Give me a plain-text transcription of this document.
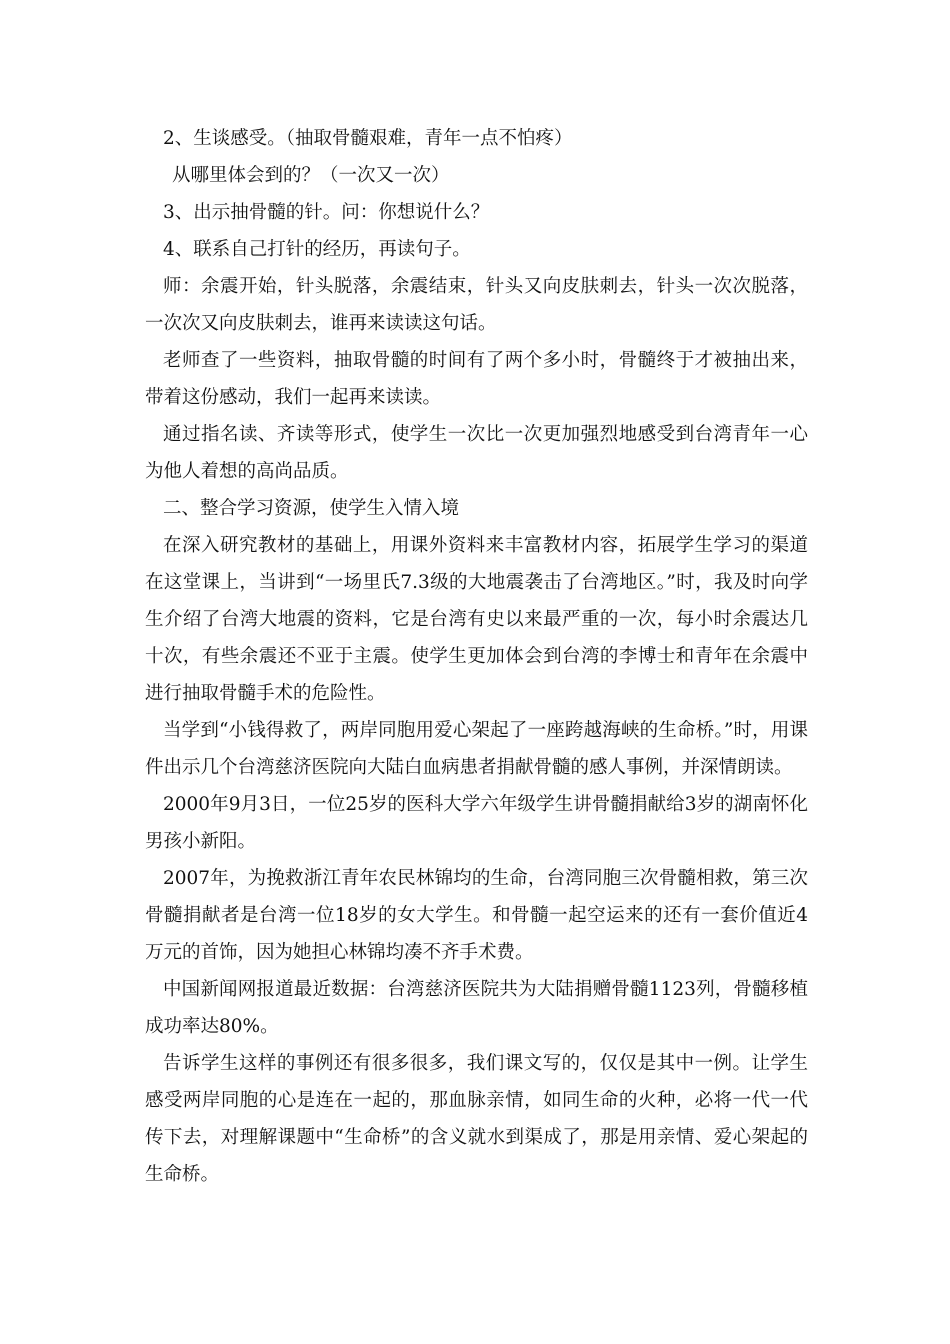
2、生谈感受。（抽取骨髓艰难，青年一点不怕疼）

从哪里体会到的？（一次又一次）

3、出示抽骨髓的针。问：你想说什么？

4、联系自己打针的经历，再读句子。

师：余震开始，针头脱落，余震结束，针头又向皮肤刺去，针头一次次脱落，一次次又向皮肤刺去，谁再来读读这句话。

老师查了一些资料，抽取骨髓的时间有了两个多小时，骨髓终于才被抽出来，带着这份感动，我们一起再来读读。

通过指名读、齐读等形式，使学生一次比一次更加强烈地感受到台湾青年一心为他人着想的高尚品质。

二、整合学习资源，使学生入情入境

在深入研究教材的基础上，用课外资料来丰富教材内容，拓展学生学习的渠道在这堂课上，当讲到“一场里氏7.3级的大地震袭击了台湾地区。”时，我及时向学生介绍了台湾大地震的资料，它是台湾有史以来最严重的一次，每小时余震达几十次，有些余震还不亚于主震。使学生更加体会到台湾的李博士和青年在余震中进行抽取骨髓手术的危险性。

当学到“小钱得救了，两岸同胞用爱心架起了一座跨越海峡的生命桥。”时，用课件出示几个台湾慈济医院向大陆白血病患者捐献骨髓的感人事例，并深情朗读。

2000年9月3日，一位25岁的医科大学六年级学生讲骨髓捐献给3岁的湖南怀化男孩小新阳。

2007年，为挽救浙江青年农民林锦均的生命，台湾同胞三次骨髓相救，第三次骨髓捐献者是台湾一位18岁的女大学生。和骨髓一起空运来的还有一套价值近4万元的首饰，因为她担心林锦均凑不齐手术费。

中国新闻网报道最近数据：台湾慈济医院共为大陆捐赠骨髓1123列，骨髓移植成功率达80%。

告诉学生这样的事例还有很多很多，我们课文写的，仅仅是其中一例。让学生感受两岸同胞的心是连在一起的，那血脉亲情，如同生命的火种，必将一代一代传下去，对理解课题中“生命桥”的含义就水到渠成了，那是用亲情、爱心架起的生命桥。
